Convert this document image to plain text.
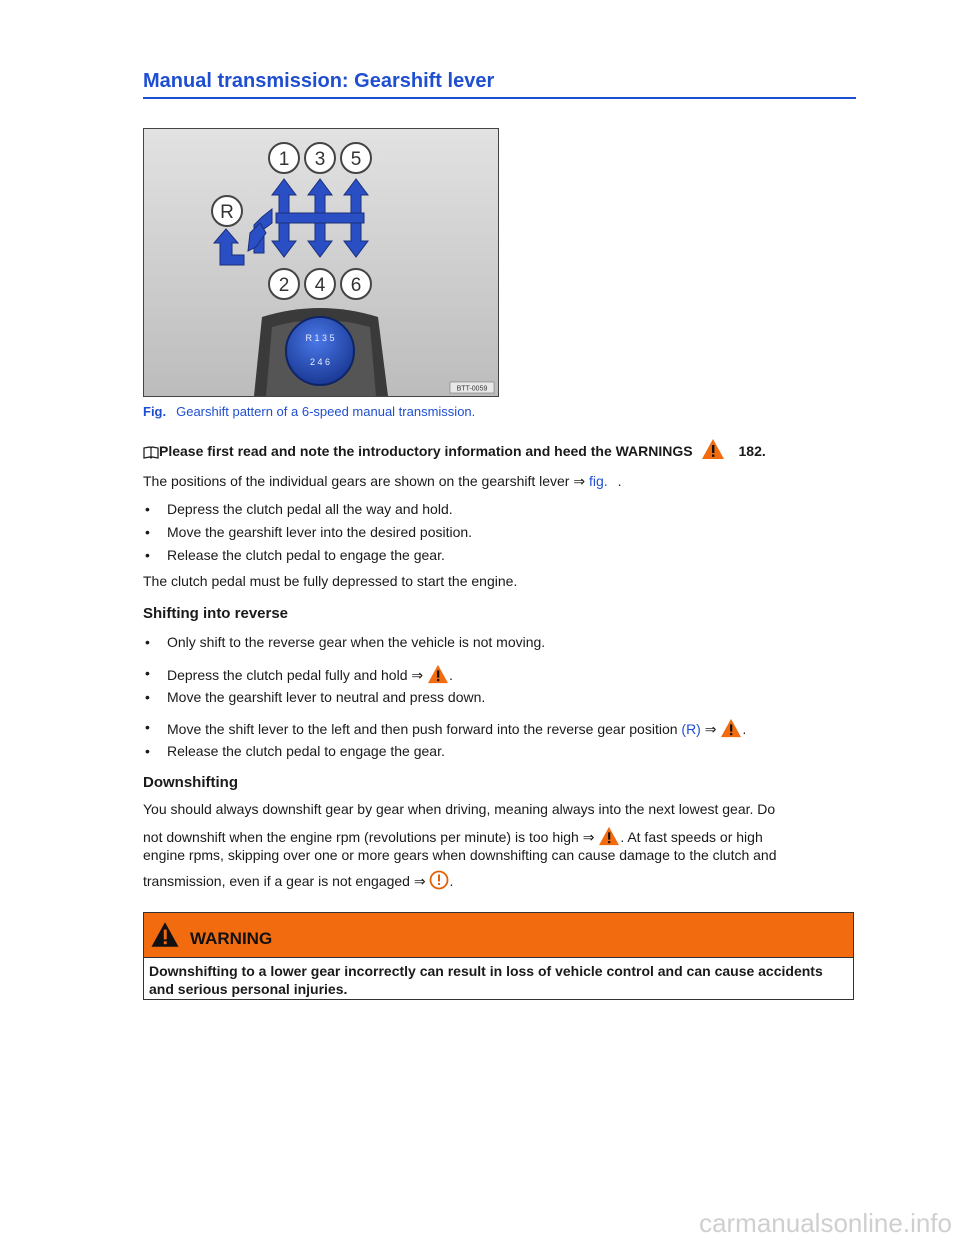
Manual transmission: Gearshift lever
1 3 5
2 4 6
R
R 1 3 5
2 4 6
BTT-0059
Fig. Gearshift pattern of a 6-speed manual transmission.
Please first read and note the introductory information and heed the WARNINGS	182.
The positions of the individual gears are shown on the gearshift lever ⇒ fig. .
• Depress the clutch pedal all the way and hold.
• Move the gearshift lever into the desired position.
• Release the clutch pedal to engage the gear.
The clutch pedal must be fully depressed to start the engine.
Shifting into reverse
• Only shift to the reverse gear when the vehicle is not moving.
• Depress the clutch pedal fully and hold ⇒ .
• Move the gearshift lever to neutral and press down.
• Move the shift lever to the left and then push forward into the reverse gear position (R) ⇒ .
• Release the clutch pedal to engage the gear.
Downshifting
You should always downshift gear by gear when driving, meaning always into the next lowest gear. Do
not downshift when the engine rpm (revolutions per minute) is too high ⇒ . At fast speeds or high
engine rpms, skipping over one or more gears when downshifting can cause damage to the clutch and
transmission, even if a gear is not engaged ⇒ .
WARNING
Downshifting to a lower gear incorrectly can result in loss of vehicle control and can cause accidents and serious personal injuries.
carmanualsonline.info
